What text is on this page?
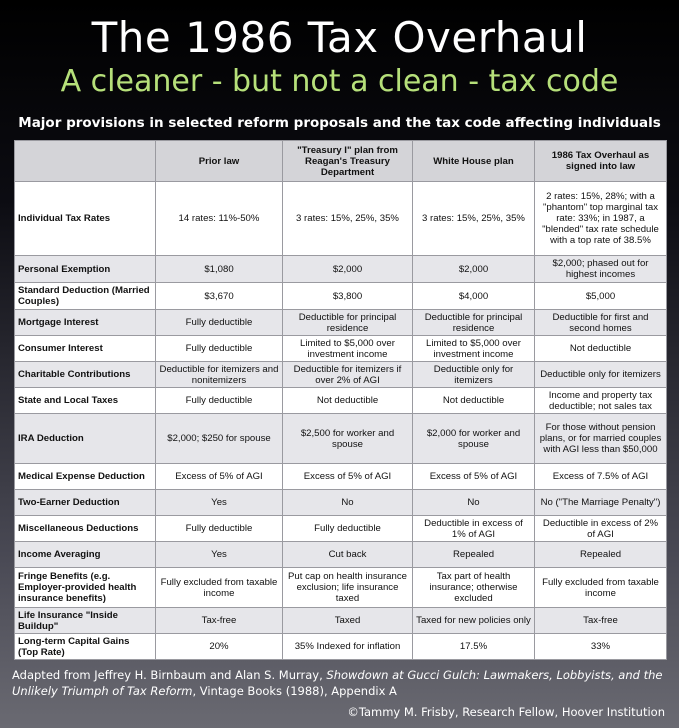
The 1986 Tax Overhaul
A cleaner - but not a clean - tax code
Major provisions in selected reform proposals and the tax code affecting individuals
	Prior law	"Treasury I" plan from Reagan's Treasury Department	White House plan	1986 Tax Overhaul as signed into law
Individual Tax Rates	14 rates: 11%-50%	3 rates: 15%, 25%, 35%	3 rates: 15%, 25%, 35%	2 rates: 15%, 28%; with a "phantom" top marginal tax rate: 33%; in 1987, a "blended" tax rate schedule with a top rate of 38.5%
Personal Exemption	$1,080	$2,000	$2,000	$2,000; phased out for highest incomes
Standard Deduction (Married Couples)	$3,670	$3,800	$4,000	$5,000
Mortgage Interest	Fully deductible	Deductible for principal residence	Deductible for principal residence	Deductible for first and second homes
Consumer Interest	Fully deductible	Limited to $5,000 over investment income	Limited to $5,000 over investment income	Not deductible
Charitable Contributions	Deductible for itemizers and nonitemizers	Deductible for itemizers if over 2% of AGI	Deductible only for itemizers	Deductible only for itemizers
State and Local Taxes	Fully deductible	Not deductible	Not deductible	Income and property tax deductible; not sales tax
IRA Deduction	$2,000; $250 for spouse	$2,500 for worker and spouse	$2,000 for worker and spouse	For those without pension plans, or for married couples with AGI less than $50,000
Medical Expense Deduction	Excess of 5% of AGI	Excess of 5% of AGI	Excess of 5% of AGI	Excess of 7.5% of AGI
Two-Earner Deduction	Yes	No	No	No ("The Marriage Penalty")
Miscellaneous Deductions	Fully deductible	Fully deductible	Deductible in excess of 1% of AGI	Deductible in excess of 2% of AGI
Income Averaging	Yes	Cut back	Repealed	Repealed
Fringe Benefits (e.g. Employer-provided health insurance benefits)	Fully excluded from taxable income	Put cap on health insurance exclusion; life insurance taxed	Tax part of health insurance; otherwise excluded	Fully excluded from taxable income
Life Insurance "Inside Buildup"	Tax-free	Taxed	Taxed for new policies only	Tax-free
Long-term Capital Gains (Top Rate)	20%	35% Indexed for inflation	17.5%	33%
Adapted from Jeffrey H. Birnbaum and Alan S. Murray, Showdown at Gucci Gulch: Lawmakers, Lobbyists, and the Unlikely Triumph of Tax Reform, Vintage Books (1988), Appendix A
©Tammy M. Frisby, Research Fellow, Hoover Institution
